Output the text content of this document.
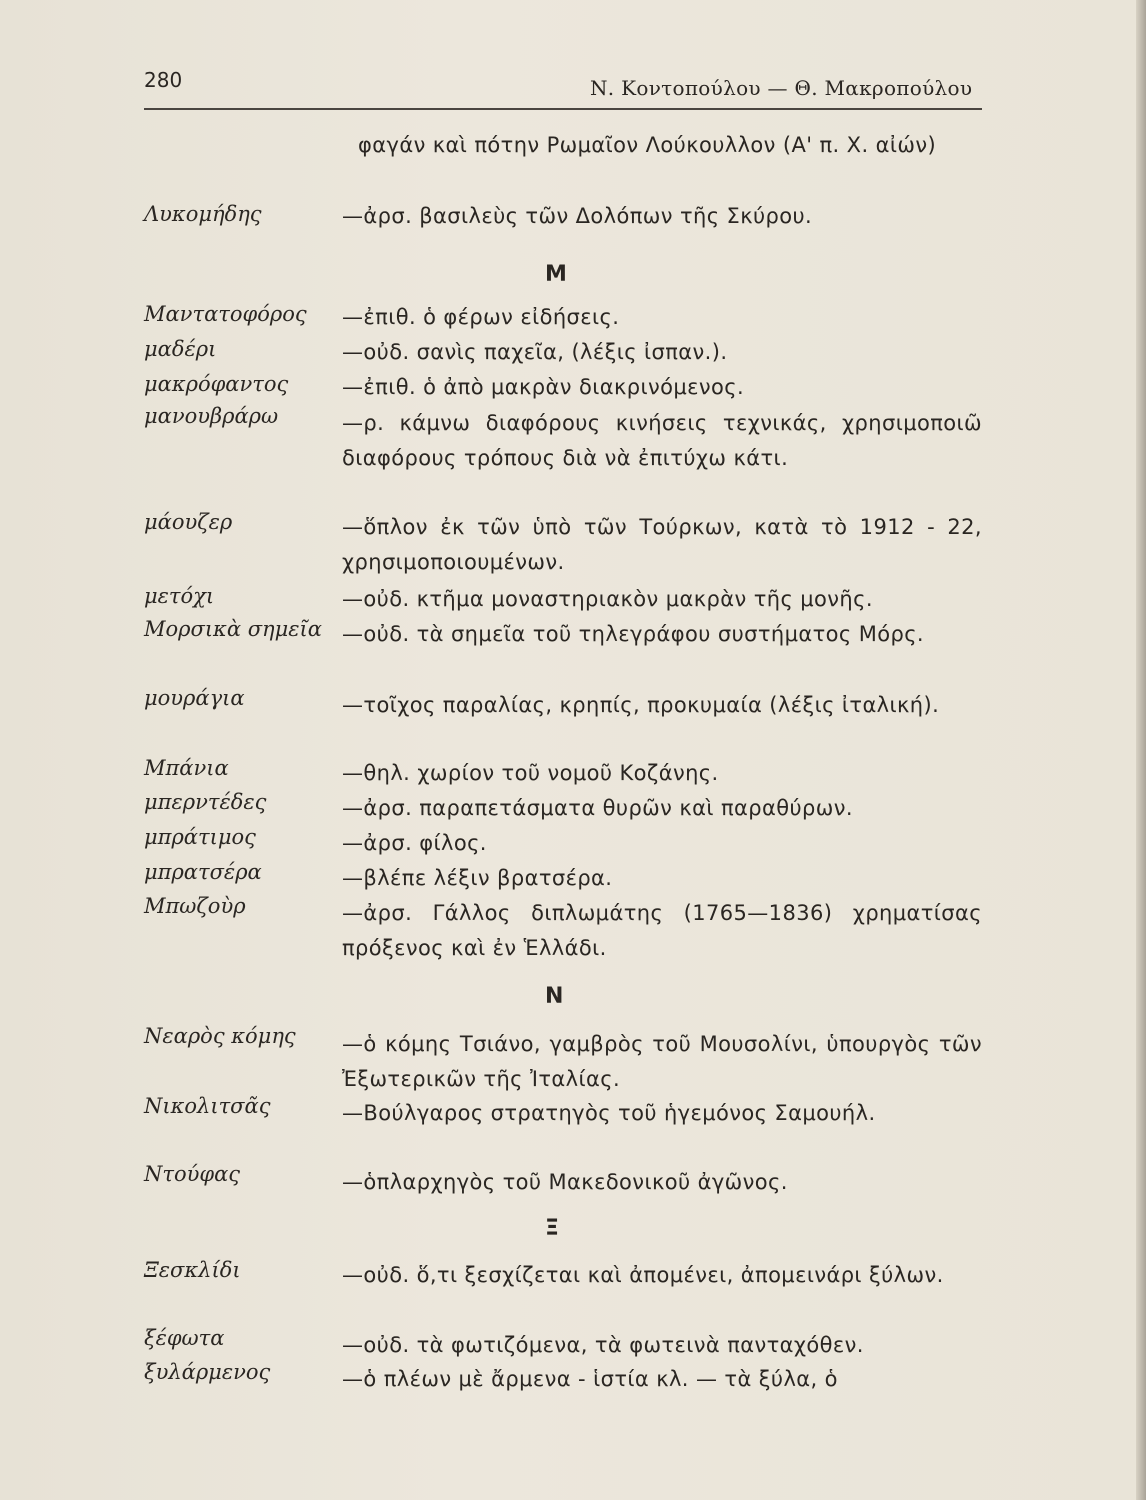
280	Ν. Κοντοπούλου — Θ. Μακροπούλου
φαγάν καὶ πότην Ρωμαῖον Λούκουλλον (Α' π. Χ. αἰών)
Λυκομήδης	—ἀρσ. βασιλεὺς τῶν Δολόπων τῆς Σκύρου.
Μ
Μαντατοφόρος —ἐπιθ. ὁ φέρων εἰδήσεις.
μαδέρι	—οὐδ. σανὶς παχεῖα, (λέξις ἰσπαν.).
μακρόφαντος	—ἐπιθ. ὁ ἀπὸ μακρὰν διακρινόμενος.
μανουβράρω	—ρ. κάμνω διαφόρους κινήσεις τεχνικάς, χρησιμοποιῶ διαφόρους τρόπους διὰ νὰ ἐπιτύχω κάτι.
μάουζερ	—ὅπλον ἐκ τῶν ὑπὸ τῶν Τούρκων, κατὰ τὸ 1912 - 22, χρησιμοποιουμένων.
μετόχι	—οὐδ. κτῆμα μοναστηριακὸν μακρὰν τῆς μονῆς.
Μορσικὰ σημεῖα —οὐδ. τὰ σημεῖα τοῦ τηλεγράφου συστήματος Μόρς.
μουράγια	—τοῖχος παραλίας, κρηπίς, προκυμαία (λέξις ἰταλική).
Μπάνια	—θηλ. χωρίον τοῦ νομοῦ Κοζάνης.
μπερντέδες	—ἀρσ. παραπετάσματα θυρῶν καὶ παραθύρων.
μπράτιμος	—ἀρσ. φίλος.
μπρατσέρα	—βλέπε λέξιν βρατσέρα.
Μπωζοὺρ	—ἀρσ. Γάλλος διπλωμάτης (1765—1836) χρηματίσας πρόξενος καὶ ἐν Ἑλλάδι.
Ν
Νεαρὸς κόμης —ὁ κόμης Τσιάνο, γαμβρὸς τοῦ Μουσολίνι, ὑπουργὸς τῶν Ἐξωτερικῶν τῆς Ἰταλίας.
Νικολιτσᾶς	—Βούλγαρος στρατηγὸς τοῦ ἡγεμόνος Σαμουήλ.
Ντούφας	—ὁπλαρχηγὸς τοῦ Μακεδονικοῦ ἀγῶνος.
Ξ
Ξεσκλίδι	—οὐδ. ὅ,τι ξεσχίζεται καὶ ἀπομένει, ἀπομεινάρι ξύλων.
ξέφωτα	—οὐδ. τὰ φωτιζόμενα, τὰ φωτεινὰ πανταχόθεν.
ξυλάρμενος	—ὁ πλέων μὲ ἄρμενα - ἱστία κλ. — τὰ ξύλα, ὁ
